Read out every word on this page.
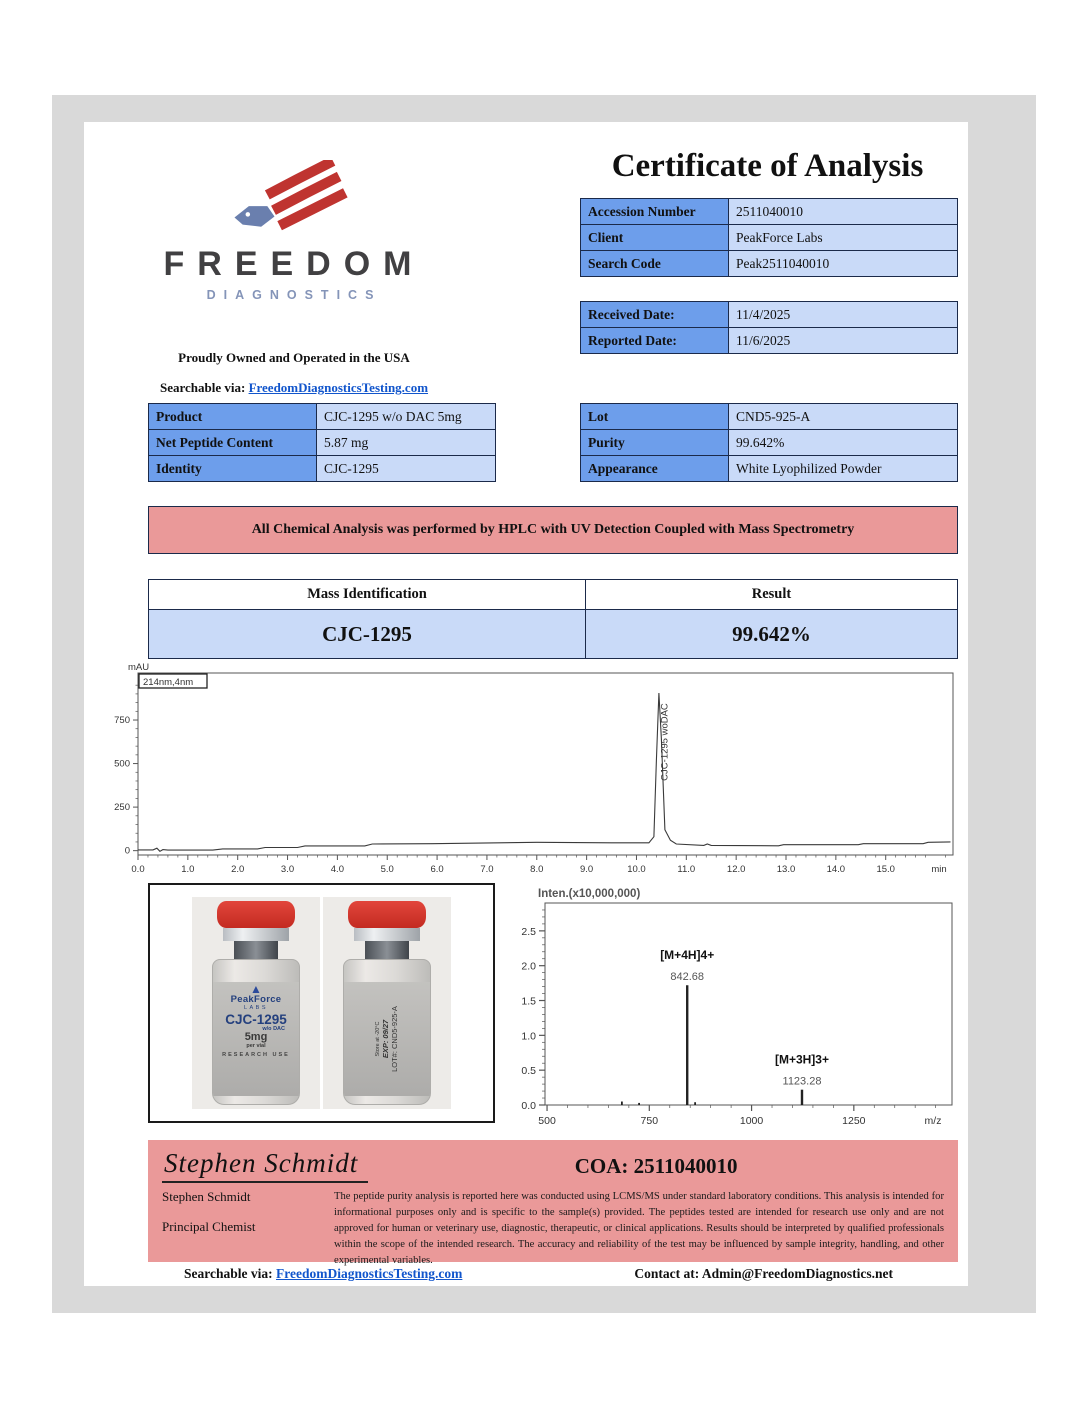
FREEDOM
DIAGNOSTICS
Proudly Owned and Operated in the USA
Searchable via: FreedomDiagnosticsTesting.com
Certificate of Analysis
Accession Number	2511040010
Client	PeakForce Labs
Search Code	Peak2511040010
Received Date:	11/4/2025
Reported Date:	11/6/2025
Product	CJC-1295 w/o DAC 5mg
Net Peptide Content	5.87 mg
Identity	CJC-1295
Lot	CND5-925-A
Purity	99.642%
Appearance	White Lyophilized Powder
All Chemical Analysis was performed by HPLC with UV Detection Coupled with Mass Spectrometry
Mass Identification	Result
CJC-1295	99.642%
0
250
500
750
0.0	1.0	2.0	3.0	4.0	5.0	6.0	7.0	8.0	9.0	10.0	11.0	12.0	13.0	14.0	15.0	min
mAU
214nm,4nm
CJC-1295 woDAC
▲
PeakForce
LABS
CJC-1295
w/o DAC
5mg
per vial
RESEARCH USE	Store at -20°C EXP: 09/27 LOT#: CND5-925-A
0.0
0.5
1.0
1.5
2.0
2.5
500	750	1000	1250
Inten.(x10,000,000)
m/z
842.68
[M+4H]4+
1123.28
[M+3H]3+
Stephen Schmidt	COA: 2511040010
Stephen Schmidt
Principal Chemist
The peptide purity analysis is reported here was conducted using LCMS/MS under standard laboratory conditions. This analysis is intended for informational purposes only and is specific to the sample(s) provided. The peptides tested are intended for research use only and are not approved for human or veterinary use, diagnostic, therapeutic, or clinical applications. Results should be interpreted by qualified professionals within the scope of the intended research. The accuracy and reliability of the test may be influenced by sample integrity, handling, and other experimental variables.
Searchable via: FreedomDiagnosticsTesting.com	Contact at: Admin@FreedomDiagnostics.net
